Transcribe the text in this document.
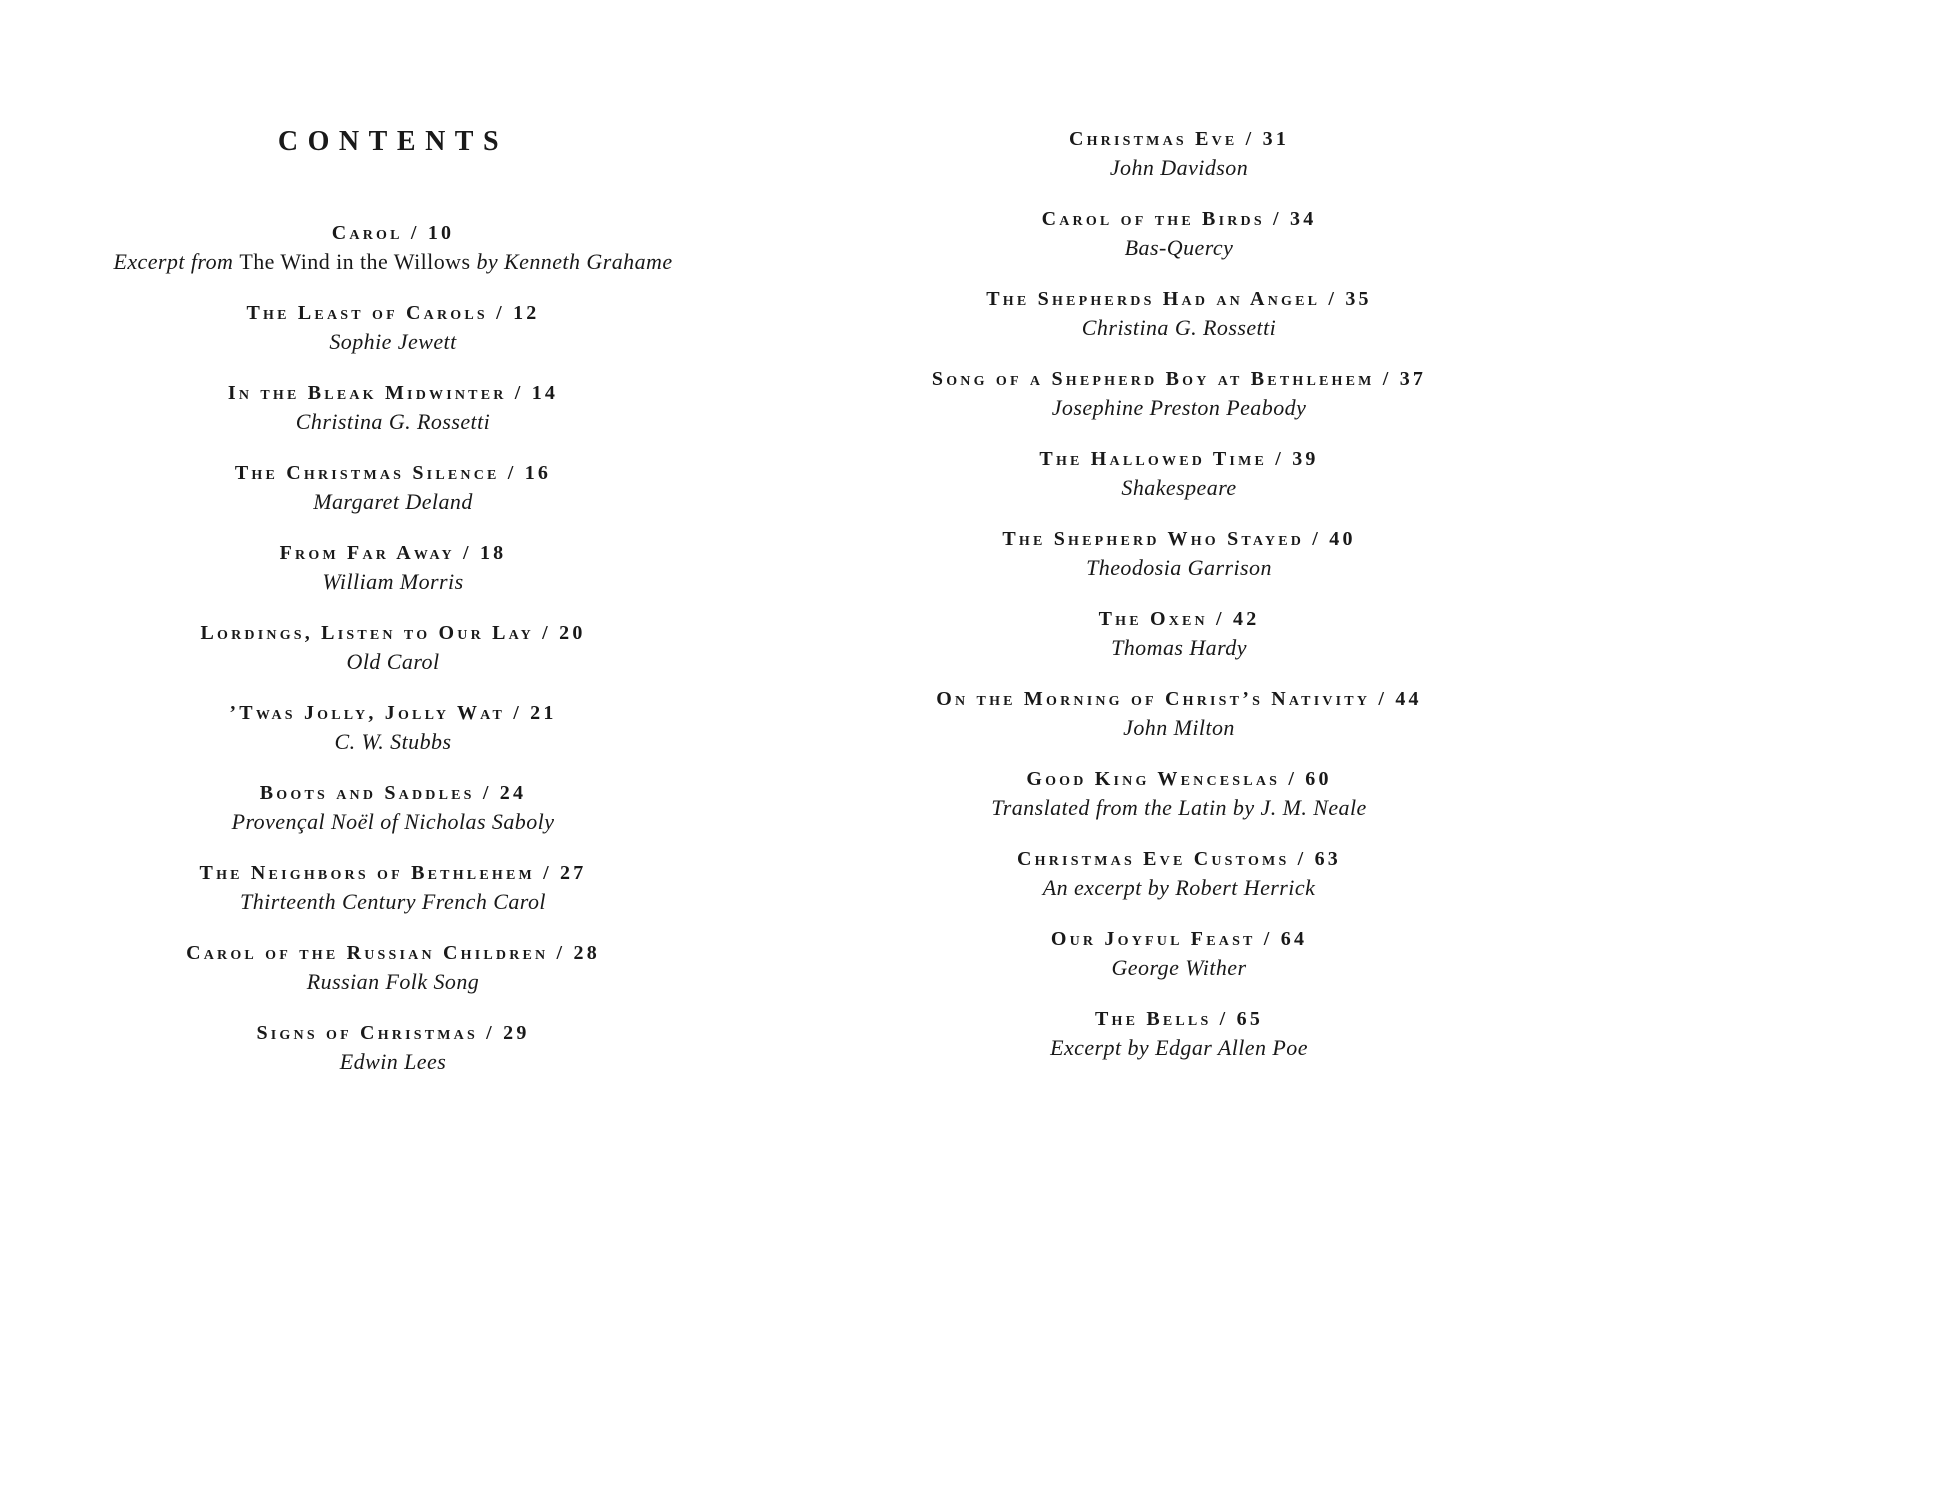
CONTENTS
Carol / 10
Excerpt from The Wind in the Willows by Kenneth Grahame
The Least of Carols / 12
Sophie Jewett
In the Bleak Midwinter / 14
Christina G. Rossetti
The Christmas Silence / 16
Margaret Deland
From Far Away / 18
William Morris
Lordings, Listen to Our Lay / 20
Old Carol
’Twas Jolly, Jolly Wat / 21
C. W. Stubbs
Boots and Saddles / 24
Provençal Noël of Nicholas Saboly
The Neighbors of Bethlehem / 27
Thirteenth Century French Carol
Carol of the Russian Children / 28
Russian Folk Song
Signs of Christmas / 29
Edwin Lees
Christmas Eve / 31
John Davidson
Carol of the Birds / 34
Bas-Quercy
The Shepherds Had an Angel / 35
Christina G. Rossetti
Song of a Shepherd Boy at Bethlehem / 37
Josephine Preston Peabody
The Hallowed Time / 39
Shakespeare
The Shepherd Who Stayed / 40
Theodosia Garrison
The Oxen / 42
Thomas Hardy
On the Morning of Christ’s Nativity / 44
John Milton
Good King Wenceslas / 60
Translated from the Latin by J. M. Neale
Christmas Eve Customs / 63
An excerpt by Robert Herrick
Our Joyful Feast / 64
George Wither
The Bells / 65
Excerpt by Edgar Allen Poe
